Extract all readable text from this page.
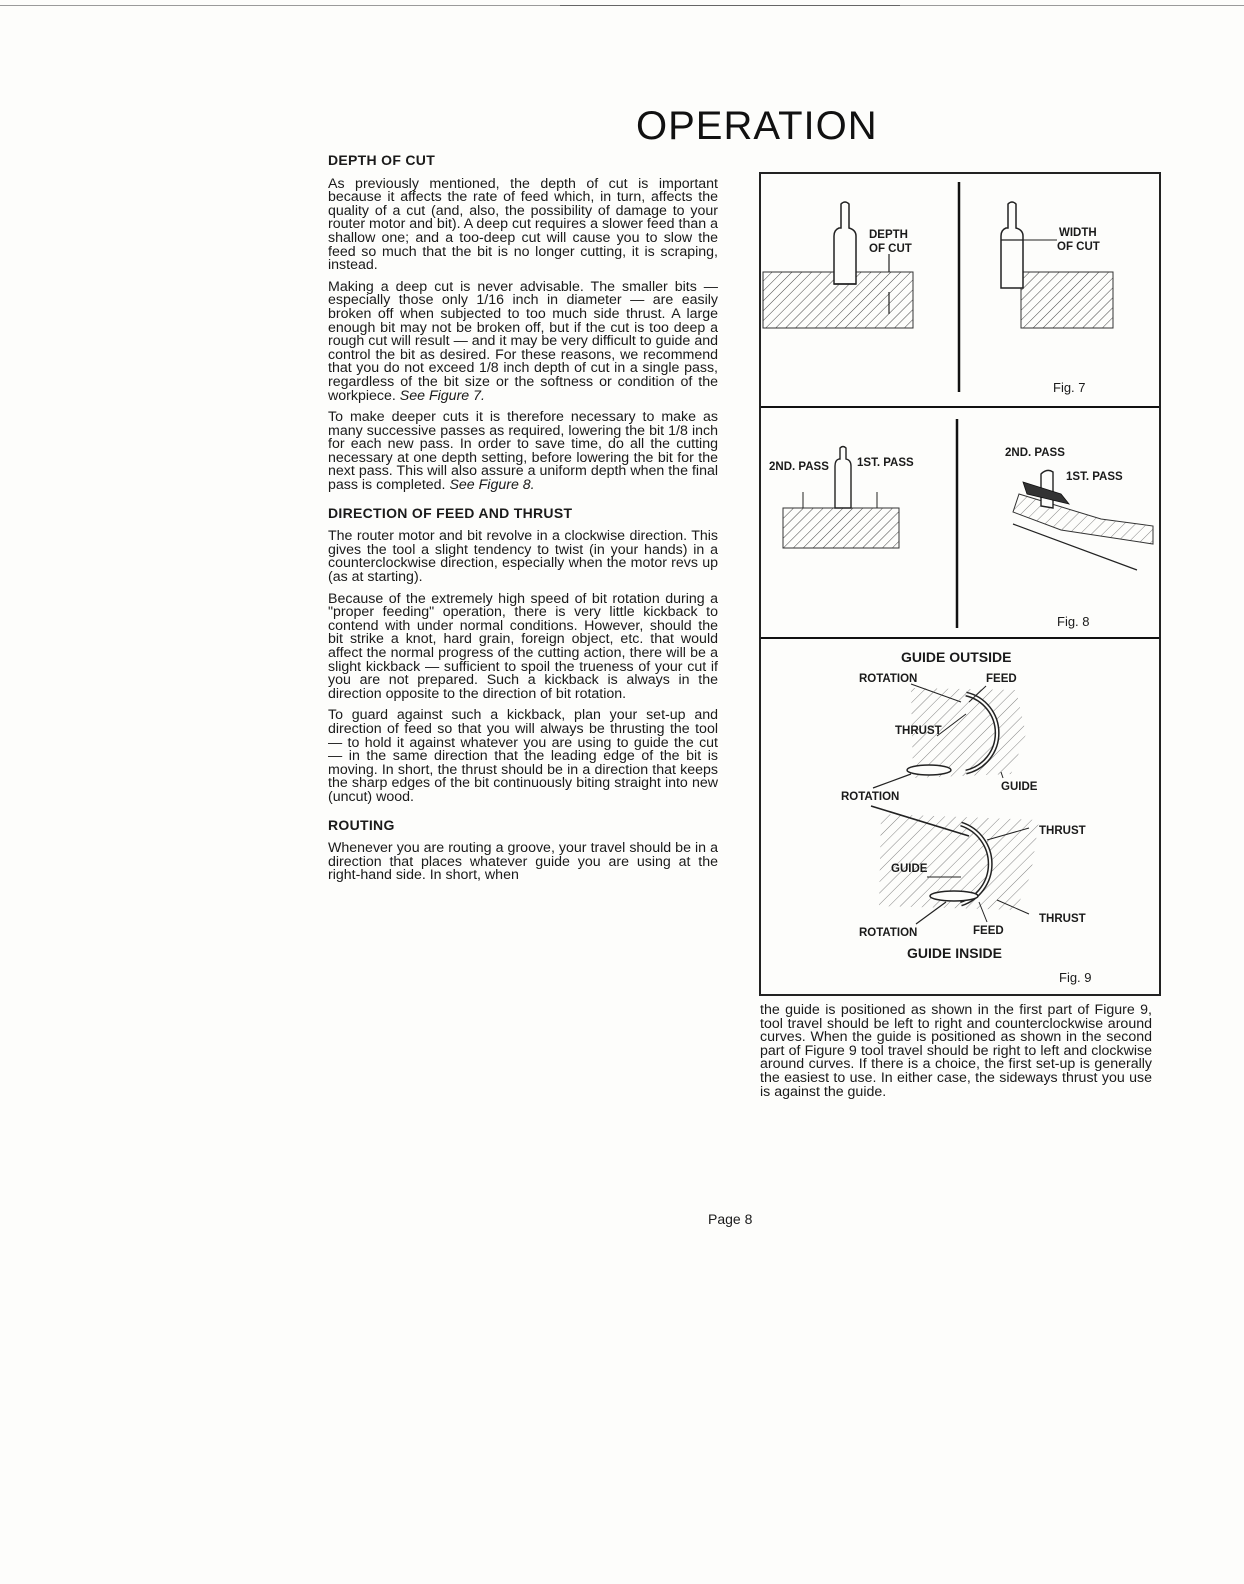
OPERATION
DEPTH OF CUT

As previously mentioned, the depth of cut is important because it affects the rate of feed which, in turn, affects the quality of a cut (and, also, the possibility of damage to your router motor and bit). A deep cut requires a slower feed than a shallow one; and a too-deep cut will cause you to slow the feed so much that the bit is no longer cutting, it is scraping, instead.

Making a deep cut is never advisable. The smaller bits — especially those only 1/16 inch in diameter — are easily broken off when subjected to too much side thrust. A large enough bit may not be broken off, but if the cut is too deep a rough cut will result — and it may be very difficult to guide and control the bit as desired. For these reasons, we recommend that you do not exceed 1/8 inch depth of cut in a single pass, regardless of the bit size or the softness or condition of the workpiece. See Figure 7.

To make deeper cuts it is therefore necessary to make as many successive passes as required, lowering the bit 1/8 inch for each new pass. In order to save time, do all the cutting necessary at one depth setting, before lowering the bit for the next pass. This will also assure a uniform depth when the final pass is completed. See Figure 8.

DIRECTION OF FEED AND THRUST

The router motor and bit revolve in a clockwise direction. This gives the tool a slight tendency to twist (in your hands) in a counterclockwise direction, especially when the motor revs up (as at starting).

Because of the extremely high speed of bit rotation during a "proper feeding" operation, there is very little kickback to contend with under normal conditions. However, should the bit strike a knot, hard grain, foreign object, etc. that would affect the normal progress of the cutting action, there will be a slight kickback — sufficient to spoil the trueness of your cut if you are not prepared. Such a kickback is always in the direction opposite to the direction of bit rotation.

To guard against such a kickback, plan your set-up and direction of feed so that you will always be thrusting the tool — to hold it against whatever you are using to guide the cut — in the same direction that the leading edge of the bit is moving. In short, the thrust should be in a direction that keeps the sharp edges of the bit continuously biting straight into new (uncut) wood.

ROUTING

Whenever you are routing a groove, your travel should be in a direction that places whatever guide you are using at the right-hand side. In short, when

DEPTH
OF CUT
WIDTH
OF CUT
Fig. 7
2ND. PASS 1ST. PASS
2ND. PASS
1ST. PASS
Fig. 8
GUIDE OUTSIDE
ROTATION	FEED
THRUST
GUIDE
ROTATION
THRUST
GUIDE
THRUST
ROTATION	FEED
GUIDE INSIDE
Fig. 9

the guide is positioned as shown in the first part of Figure 9, tool travel should be left to right and counterclockwise around curves. When the guide is positioned as shown in the second part of Figure 9 tool travel should be right to left and clockwise around curves. If there is a choice, the first set-up is generally the easiest to use. In either case, the sideways thrust you use is against the guide.

Page 8
